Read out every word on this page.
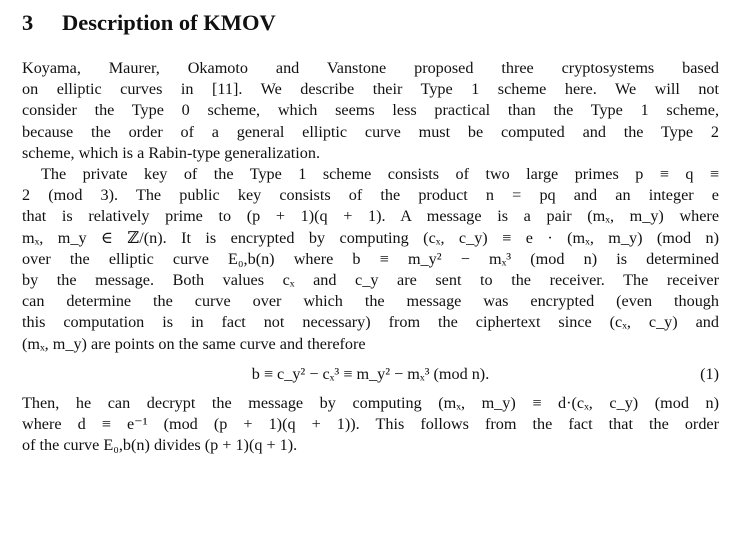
3	Description of KMOV
Koyama, Maurer, Okamoto and Vanstone proposed three cryptosystems based
on elliptic curves in [11]. We describe their Type 1 scheme here. We will not
consider the Type 0 scheme, which seems less practical than the Type 1 scheme,
because the order of a general elliptic curve must be computed and the Type 2
scheme, which is a Rabin-type generalization.
The private key of the Type 1 scheme consists of two large primes p ≡ q ≡
2 (mod 3). The public key consists of the product n = pq and an integer e
that is relatively prime to (p + 1)(q + 1). A message is a pair (mₓ, m_y) where
mₓ, m_y ∈ ℤ/(n). It is encrypted by computing (cₓ, c_y) ≡ e · (mₓ, m_y) (mod n)
over the elliptic curve E₀,b(n) where b ≡ m_y² − mₓ³ (mod n) is determined
by the message. Both values cₓ and c_y are sent to the receiver. The receiver
can determine the curve over which the message was encrypted (even though
this computation is in fact not necessary) from the ciphertext since (cₓ, c_y) and
(mₓ, m_y) are points on the same curve and therefore
b ≡ c_y² − cₓ³ ≡ m_y² − mₓ³ (mod n).	(1)
Then, he can decrypt the message by computing (mₓ, m_y) ≡ d·(cₓ, c_y) (mod n)
where d ≡ e⁻¹ (mod (p + 1)(q + 1)). This follows from the fact that the order
of the curve E₀,b(n) divides (p + 1)(q + 1).
